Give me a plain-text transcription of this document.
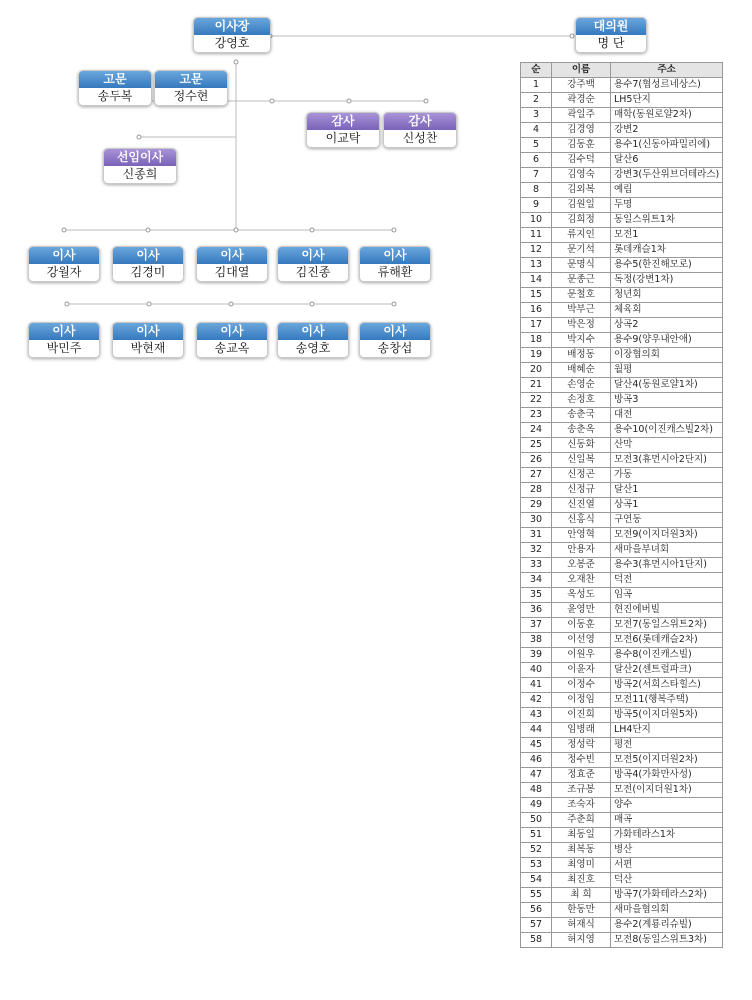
이사장
강영호
대의원
명 단
고문
송두복
고문
정수현
감사
이교탁
감사
신성찬
선임이사
신종희
이사
강월자
이사
김경미
이사
김대열
이사
김진종
이사
류해환
이사
박민주
이사
박현재
이사
송교옥
이사
송영호
이사
송창섭
순	이름	주소
1	강주백	용수7(협성르네상스)
2	곽경순	LH5단지
3	곽일주	매학(동원로얄2차)
4	김경영	강변2
5	김동훈	용수1(신동아파밀리에)
6	김수덕	달산6
7	김영숙	강변3(두산위브더테라스)
8	김외복	예림
9	김원일	두명
10	김희정	동일스위트1차
11	류지인	모전1
12	문기석	롯데캐슬1차
13	문명식	용수5(한진해모로)
14	문종근	독정(강변1차)
15	문철호	청년회
16	박부근	체육회
17	박은정	상곡2
18	박지수	용수9(양우내안애)
19	배정동	이장협의회
20	배혜순	월평
21	손영순	달산4(동원로얄1차)
22	손정호	방곡3
23	송춘국	대전
24	송춘옥	용수10(이진캐스빌2차)
25	신동화	산막
26	신일복	모전3(휴먼시아2단지)
27	신정곤	가동
28	신정규	달산1
29	신진열	상곡1
30	신홍식	구연동
31	안영혁	모전9(이지더원3차)
32	안용자	새마을부녀회
33	오봉준	용수3(휴먼시아1단지)
34	오재찬	덕전
35	옥성도	임곡
36	윤영만	현진에버빌
37	이동훈	모전7(동일스위트2차)
38	이선영	모전6(롯데캐슬2차)
39	이원우	용수8(이진캐스빌)
40	이윤자	달산2(센트럴파크)
41	이정수	방곡2(서희스타힐스)
42	이정임	모전11(행복주택)
43	이진희	방곡5(이지더원5차)
44	임병래	LH4단지
45	정성락	평전
46	정수빈	모전5(이지더원2차)
47	정효준	방곡4(가화만사성)
48	조규봉	모전(이지더원1차)
49	조숙자	양수
50	주춘희	매곡
51	최동일	가화테라스1차
52	최복동	병산
53	최영미	서편
54	최진호	덕산
55	최 희	방곡7(가화테라스2차)
56	한동만	새마을협의회
57	허재식	용수2(계룡리슈빌)
58	허지영	모전8(동일스위트3차)
